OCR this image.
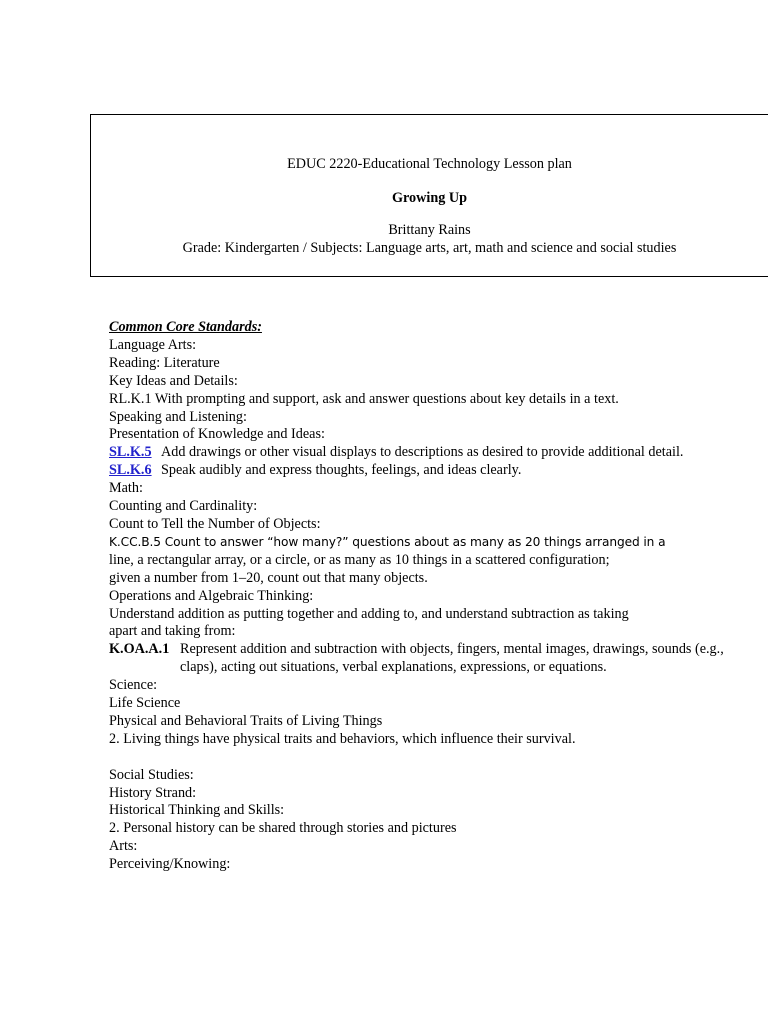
EDUC 2220-Educational Technology Lesson plan
Growing Up
Brittany Rains
Grade: Kindergarten / Subjects: Language arts, art, math and science and social studies
Common Core Standards:
Language Arts:
Reading: Literature
Key Ideas and Details:
RL.K.1 With prompting and support, ask and answer questions about key details in a text.
Speaking and Listening:
Presentation of Knowledge and Ideas:
SL.K.5 Add drawings or other visual displays to descriptions as desired to provide additional detail.
SL.K.6 Speak audibly and express thoughts, feelings, and ideas clearly.
Math:
Counting and Cardinality:
Count to Tell the Number of Objects:
K.CC.B.5 Count to answer “how many?” questions about as many as 20 things arranged in a
line, a rectangular array, or a circle, or as many as 10 things in a scattered configuration;
given a number from 1–20, count out that many objects.
Operations and Algebraic Thinking:
Understand addition as putting together and adding to, and understand subtraction as taking
apart and taking from:
K.OA.A.1 Represent addition and subtraction with objects, fingers, mental images, drawings, sounds (e.g., claps), acting out situations, verbal explanations, expressions, or equations.
Science:
Life Science
Physical and Behavioral Traits of Living Things
2. Living things have physical traits and behaviors, which influence their survival.
Social Studies:
History Strand:
Historical Thinking and Skills:
2. Personal history can be shared through stories and pictures
Arts:
Perceiving/Knowing:
